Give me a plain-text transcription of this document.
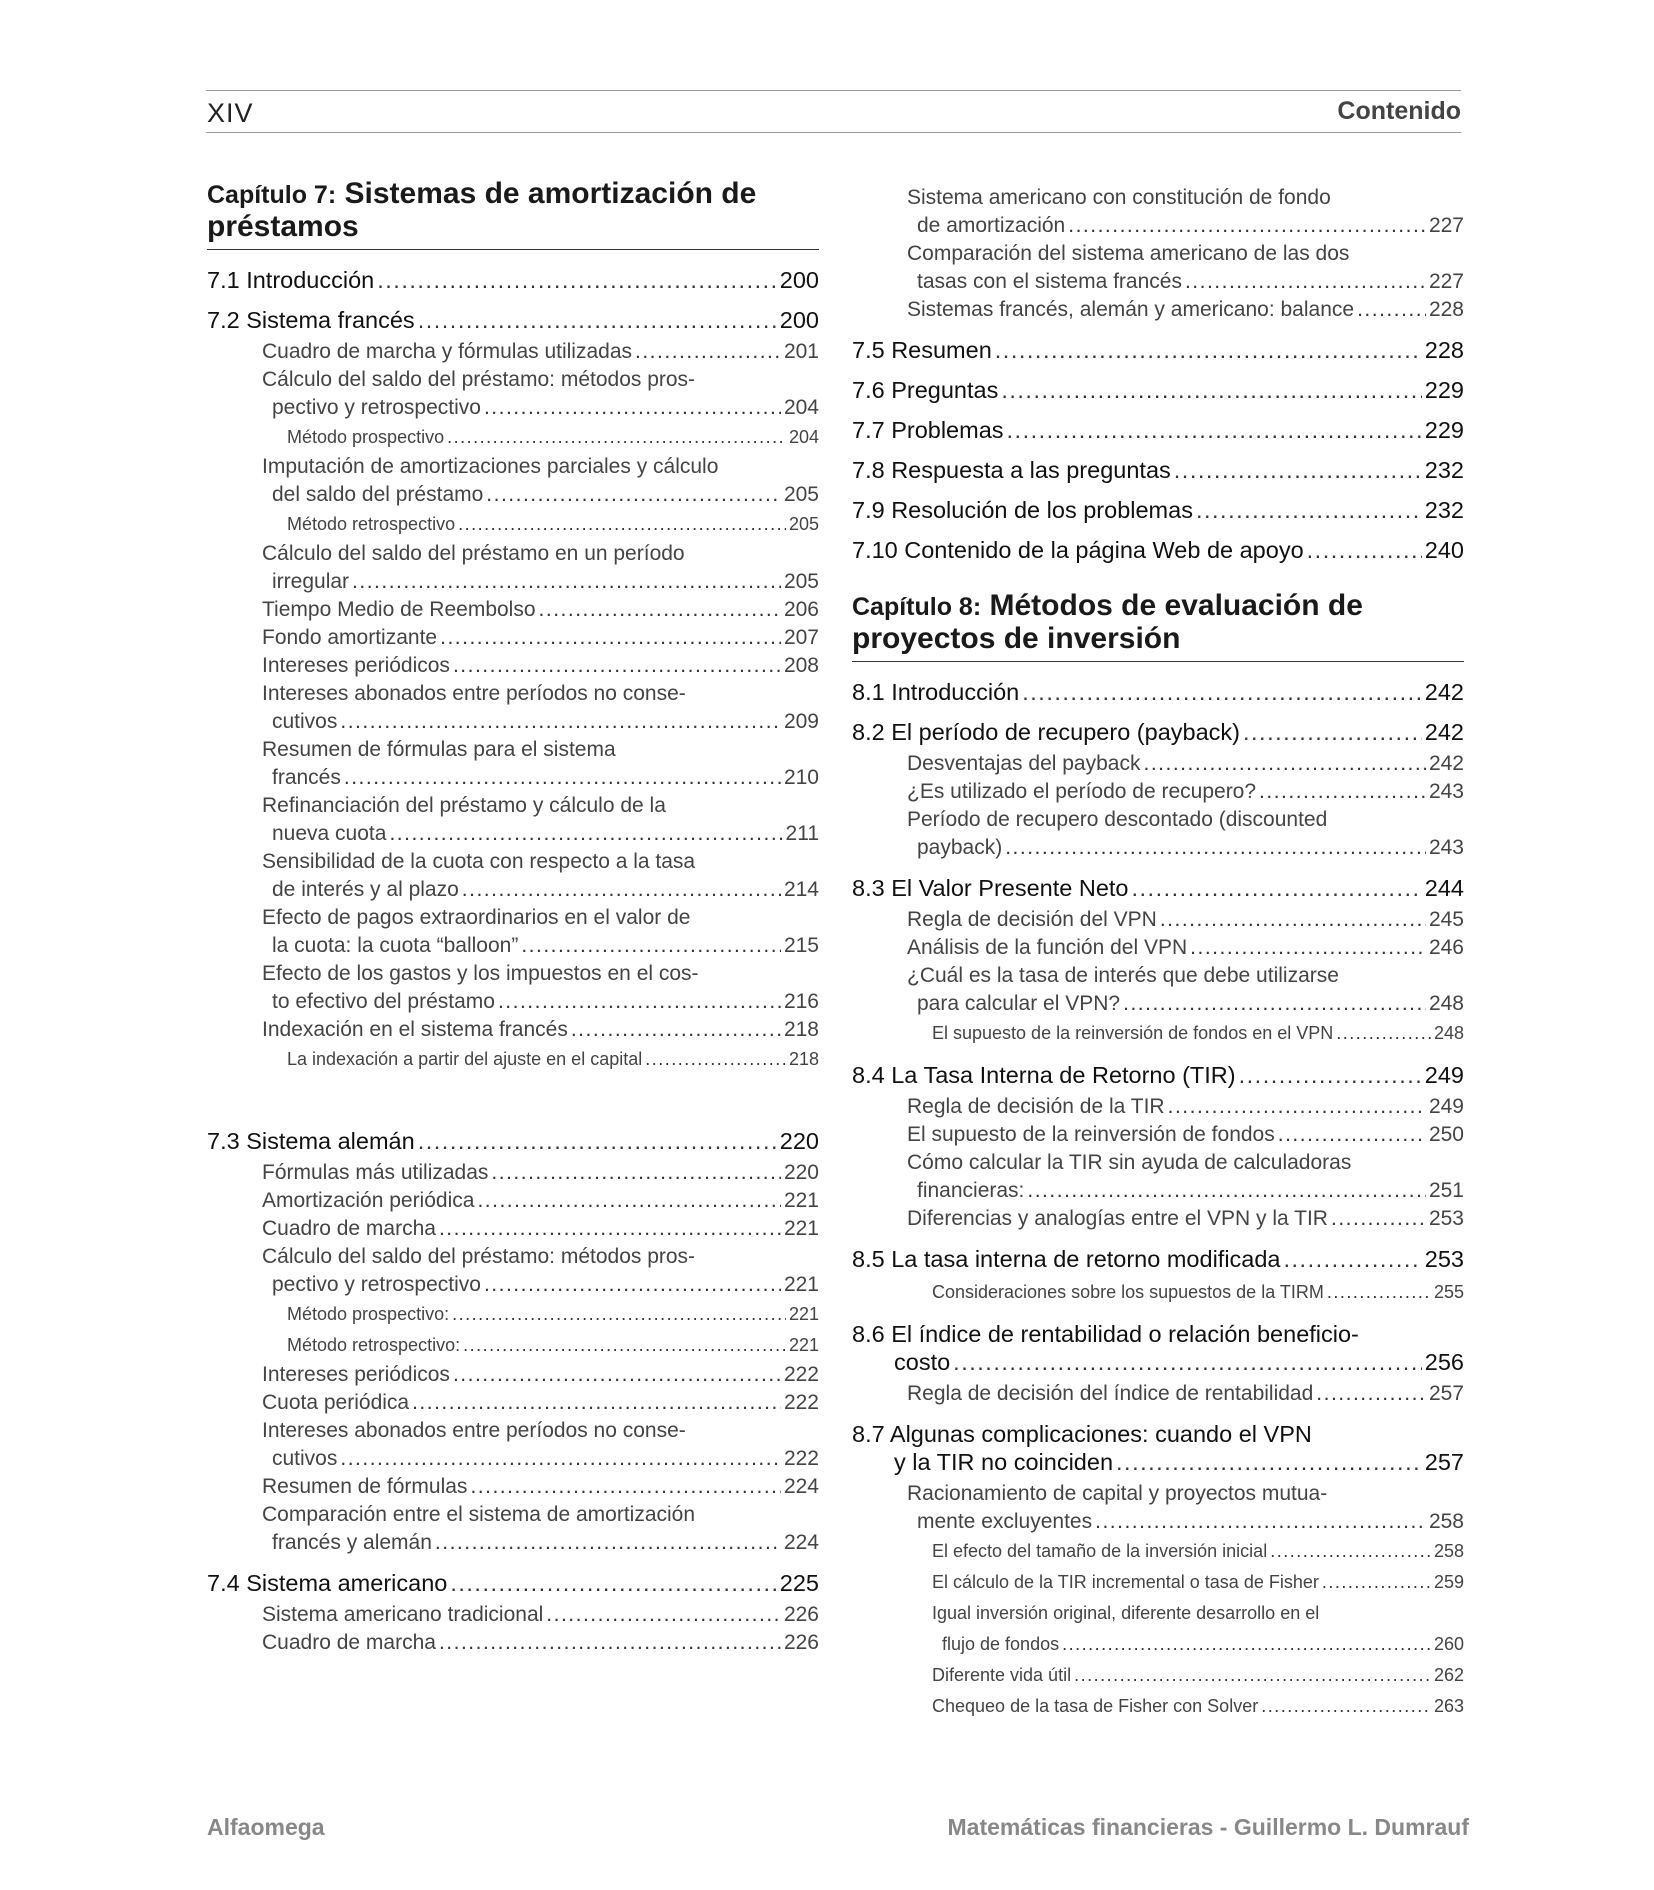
XIV	Contenido
Capítulo 7: Sistemas de amortización de préstamos
7.1 Introducción .....	200
7.2 Sistema francés .....	200
Cuadro de marcha y fórmulas utilizadas .....	201
Cálculo del saldo del préstamo: métodos pros-
pectivo y retrospectivo .....	204
Método prospectivo .....	204
Imputación de amortizaciones parciales y cálculo
del saldo del préstamo .....	205
Método retrospectivo .....	205
Cálculo del saldo del préstamo en un período
irregular .....	205
Tiempo Medio de Reembolso .....	206
Fondo amortizante .....	207
Intereses periódicos .....	208
Intereses abonados entre períodos no conse-
cutivos .....	209
Resumen de fórmulas para el sistema
francés .....	210
Refinanciación del préstamo y cálculo de la
nueva cuota .....	211
Sensibilidad de la cuota con respecto a la tasa
de interés y al plazo .....	214
Efecto de pagos extraordinarios en el valor de
la cuota: la cuota “balloon” .....	215
Efecto de los gastos y los impuestos en el cos-
to efectivo del préstamo .....	216
Indexación en el sistema francés .....	218
La indexación a partir del ajuste en el capital .....	218
7.3 Sistema alemán .....	220
Fórmulas más utilizadas .....	220
Amortización periódica .....	221
Cuadro de marcha .....	221
Cálculo del saldo del préstamo: métodos pros-
pectivo y retrospectivo .....	221
Método prospectivo: .....	221
Método retrospectivo: .....	221
Intereses periódicos .....	222
Cuota periódica .....	222
Intereses abonados entre períodos no conse-
cutivos .....	222
Resumen de fórmulas .....	224
Comparación entre el sistema de amortización
francés y alemán .....	224
7.4 Sistema americano .....	225
Sistema americano tradicional .....	226
Cuadro de marcha .....	226
Sistema americano con constitución de fondo
de amortización .....	227
Comparación del sistema americano de las dos
tasas con el sistema francés .....	227
Sistemas francés, alemán y americano: balance .....	228
7.5 Resumen .....	228
7.6 Preguntas .....	229
7.7 Problemas .....	229
7.8 Respuesta a las preguntas .....	232
7.9 Resolución de los problemas .....	232
7.10 Contenido de la página Web de apoyo .....	240
Capítulo 8: Métodos de evaluación de proyectos de inversión
8.1 Introducción .....	242
8.2 El período de recupero (payback) .....	242
Desventajas del payback .....	242
¿Es utilizado el período de recupero? .....	243
Período de recupero descontado (discounted
payback) .....	243
8.3 El Valor Presente Neto .....	244
Regla de decisión del VPN .....	245
Análisis de la función del VPN .....	246
¿Cuál es la tasa de interés que debe utilizarse
para calcular el VPN? .....	248
El supuesto de la reinversión de fondos en el VPN .....	248
8.4 La Tasa Interna de Retorno (TIR) .....	249
Regla de decisión de la TIR .....	249
El supuesto de la reinversión de fondos .....	250
Cómo calcular la TIR sin ayuda de calculadoras
financieras: .....	251
Diferencias y analogías entre el VPN y la TIR .....	253
8.5 La tasa interna de retorno modificada .....	253
Consideraciones sobre los supuestos de la TIRM .....	255
8.6 El índice de rentabilidad o relación beneficio-
costo .....	256
Regla de decisión del índice de rentabilidad .....	257
8.7 Algunas complicaciones: cuando el VPN
y la TIR no coinciden .....	257
Racionamiento de capital y proyectos mutua-
mente excluyentes .....	258
El efecto del tamaño de la inversión inicial .....	258
El cálculo de la TIR incremental o tasa de Fisher .....	259
Igual inversión original, diferente desarrollo en el
flujo de fondos .....	260
Diferente vida útil .....	262
Chequeo de la tasa de Fisher con Solver .....	263
Alfaomega	Matemáticas financieras - Guillermo L. Dumrauf
